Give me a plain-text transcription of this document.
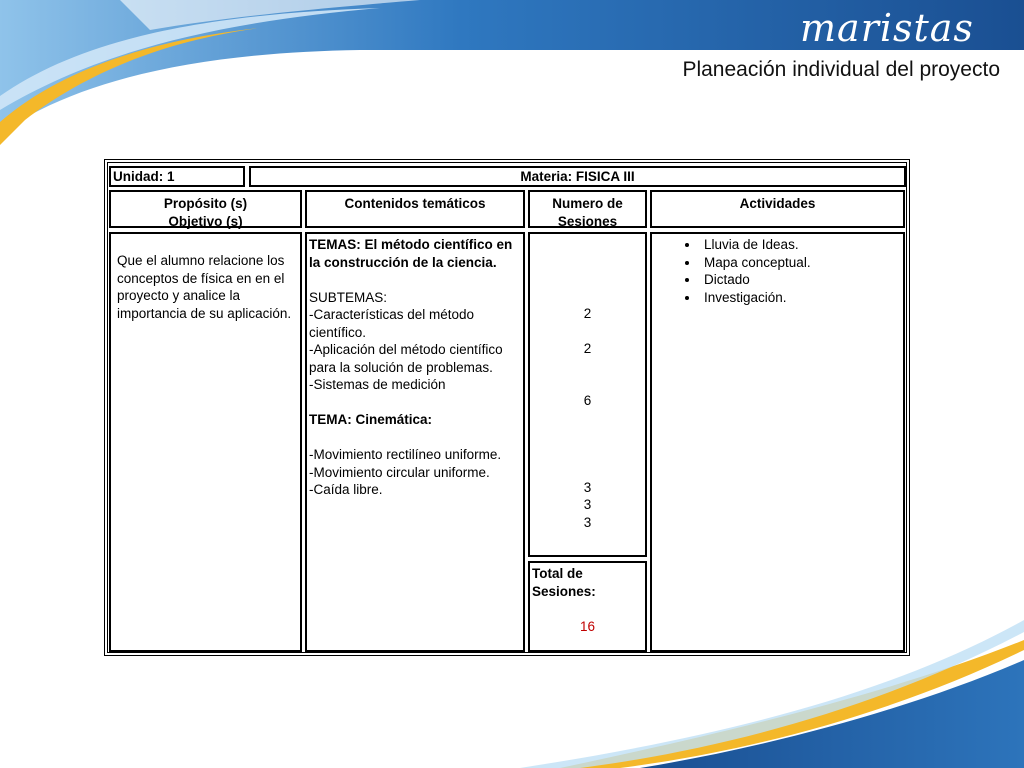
maristas
Planeación individual del proyecto
Unidad: 1	Materia: FISICA III
Propósito (s)
Objetivo (s)
Contenidos temáticos	Numero de
Sesiones
Actividades

Que el alumno relacione los conceptos de física en en el proyecto y analice la importancia de su aplicación.

TEMAS: El método científico en la construcción de la ciencia.

SUBTEMAS:

-Características del método científico.

-Aplicación del método científico para la solución de problemas.

-Sistemas de medición

TEMA: Cinemática:

-Movimiento rectilíneo uniforme.

-Movimiento circular uniforme.

-Caída libre.

2
2
6
3
3
3

Total de Sesiones:

16
• Lluvia de Ideas.
• Mapa conceptual.
• Dictado
• Investigación.
